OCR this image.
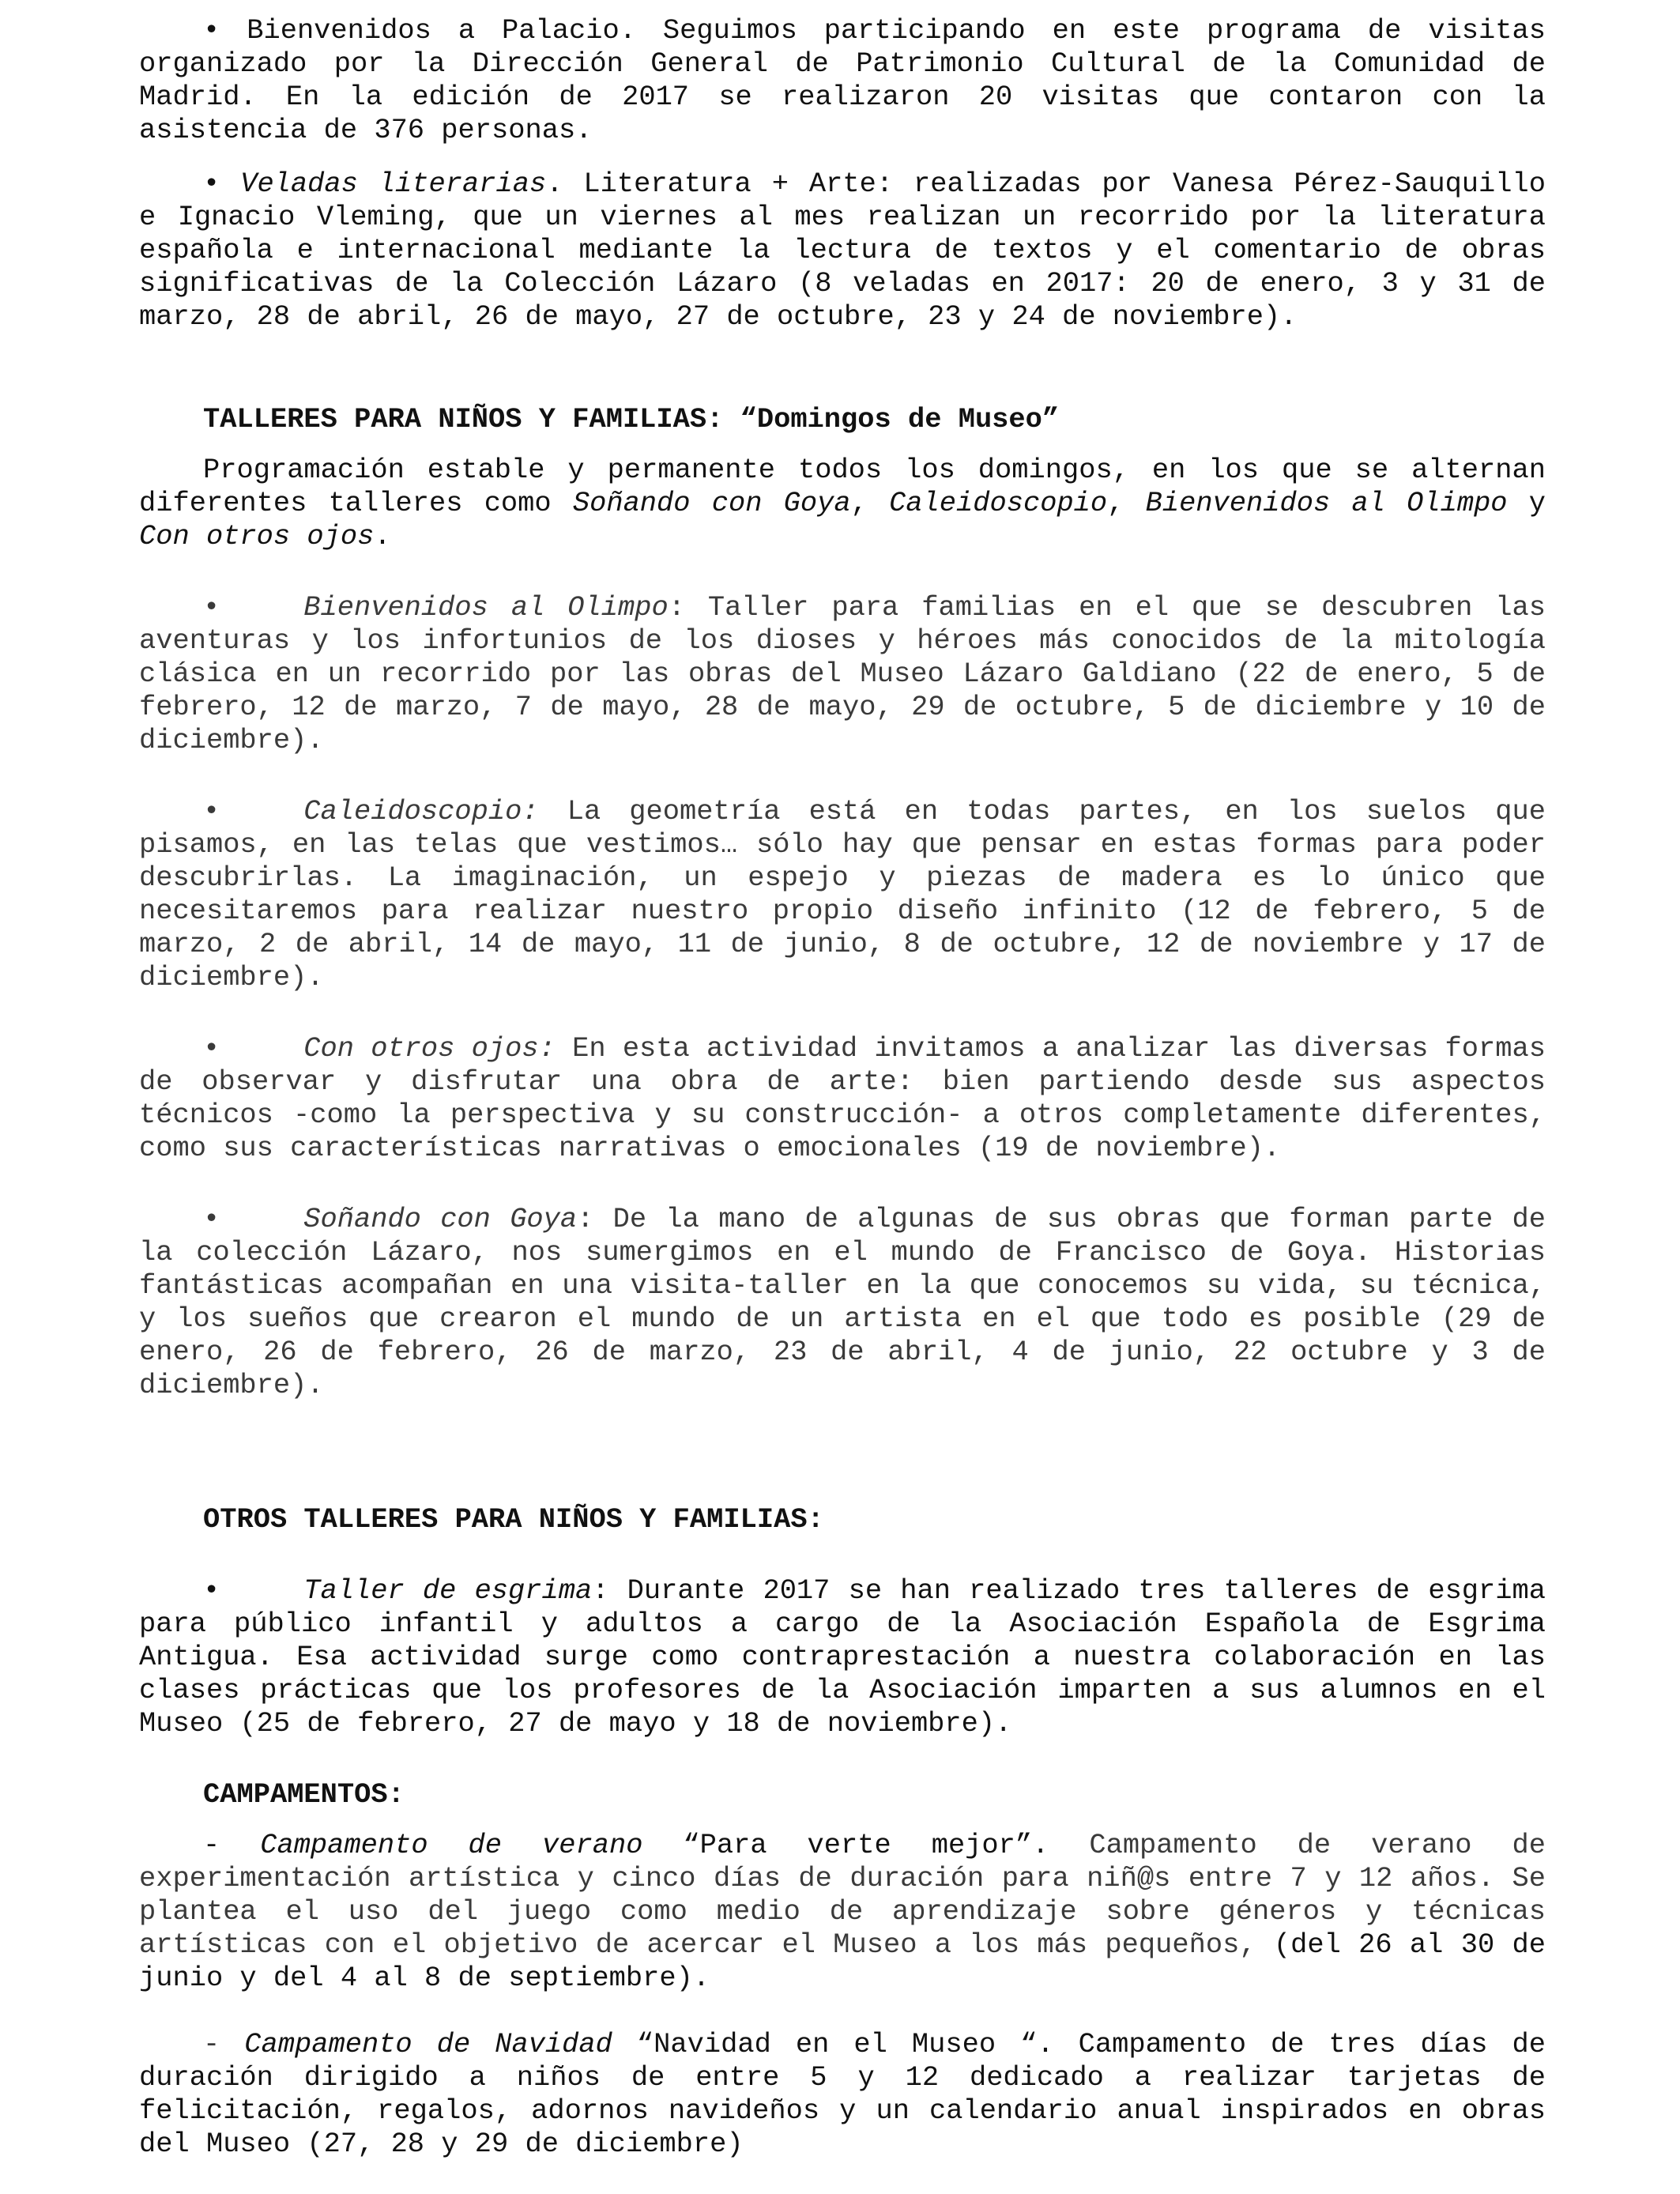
• Bienvenidos a Palacio. Seguimos participando en este programa de visitas organizado por la Dirección General de Patrimonio Cultural de la Comunidad de Madrid. En la edición de 2017 se realizaron 20 visitas que contaron con la asistencia de 376 personas.

• Veladas literarias. Literatura + Arte: realizadas por Vanesa Pérez-Sauquillo e Ignacio Vleming, que un viernes al mes realizan un recorrido por la literatura española e internacional mediante la lectura de textos y el comentario de obras significativas de la Colección Lázaro (8 veladas en 2017: 20 de enero, 3 y 31 de marzo, 28 de abril, 26 de mayo, 27 de octubre, 23 y 24 de noviembre).

TALLERES PARA NIÑOS Y FAMILIAS: “Domingos de Museo”

Programación estable y permanente todos los domingos, en los que se alternan diferentes talleres como Soñando con Goya, Caleidoscopio, Bienvenidos al Olimpo y Con otros ojos.

•	Bienvenidos al Olimpo: Taller para familias en el que se descubren las aventuras y los infortunios de los dioses y héroes más conocidos de la mitología clásica en un recorrido por las obras del Museo Lázaro Galdiano (22 de enero, 5 de febrero, 12 de marzo, 7 de mayo, 28 de mayo, 29 de octubre, 5 de diciembre y 10 de diciembre).

•	Caleidoscopio: La geometría está en todas partes, en los suelos que pisamos, en las telas que vestimos… sólo hay que pensar en estas formas para poder descubrirlas. La imaginación, un espejo y piezas de madera es lo único que necesitaremos para realizar nuestro propio diseño infinito (12 de febrero, 5 de marzo, 2 de abril, 14 de mayo, 11 de junio, 8 de octubre, 12 de noviembre y 17 de diciembre).

•	Con otros ojos: En esta actividad invitamos a analizar las diversas formas de observar y disfrutar una obra de arte: bien partiendo desde sus aspectos técnicos -como la perspectiva y su construcción- a otros completamente diferentes, como sus características narrativas o emocionales (19 de noviembre).

•	Soñando con Goya: De la mano de algunas de sus obras que forman parte de la colección Lázaro, nos sumergimos en el mundo de Francisco de Goya. Historias fantásticas acompañan en una visita-taller en la que conocemos su vida, su técnica, y los sueños que crearon el mundo de un artista en el que todo es posible (29 de enero, 26 de febrero, 26 de marzo, 23 de abril, 4 de junio, 22 octubre y 3 de diciembre).

OTROS TALLERES PARA NIÑOS Y FAMILIAS:

•	Taller de esgrima: Durante 2017 se han realizado tres talleres de esgrima para público infantil y adultos a cargo de la Asociación Española de Esgrima Antigua. Esa actividad surge como contraprestación a nuestra colaboración en las clases prácticas que los profesores de la Asociación imparten a sus alumnos en el Museo (25 de febrero, 27 de mayo y 18 de noviembre).

CAMPAMENTOS:

- Campamento de verano “Para verte mejor”. Campamento de verano de experimentación artística y cinco días de duración para niñ@s entre 7 y 12 años. Se plantea el uso del juego como medio de aprendizaje sobre géneros y técnicas artísticas con el objetivo de acercar el Museo a los más pequeños, (del 26 al 30 de junio y del 4 al 8 de septiembre).

- Campamento de Navidad “Navidad en el Museo “. Campamento de tres días de duración dirigido a niños de entre 5 y 12 dedicado a realizar tarjetas de felicitación, regalos, adornos navideños y un calendario anual inspirados en obras del Museo (27, 28 y 29 de diciembre)
